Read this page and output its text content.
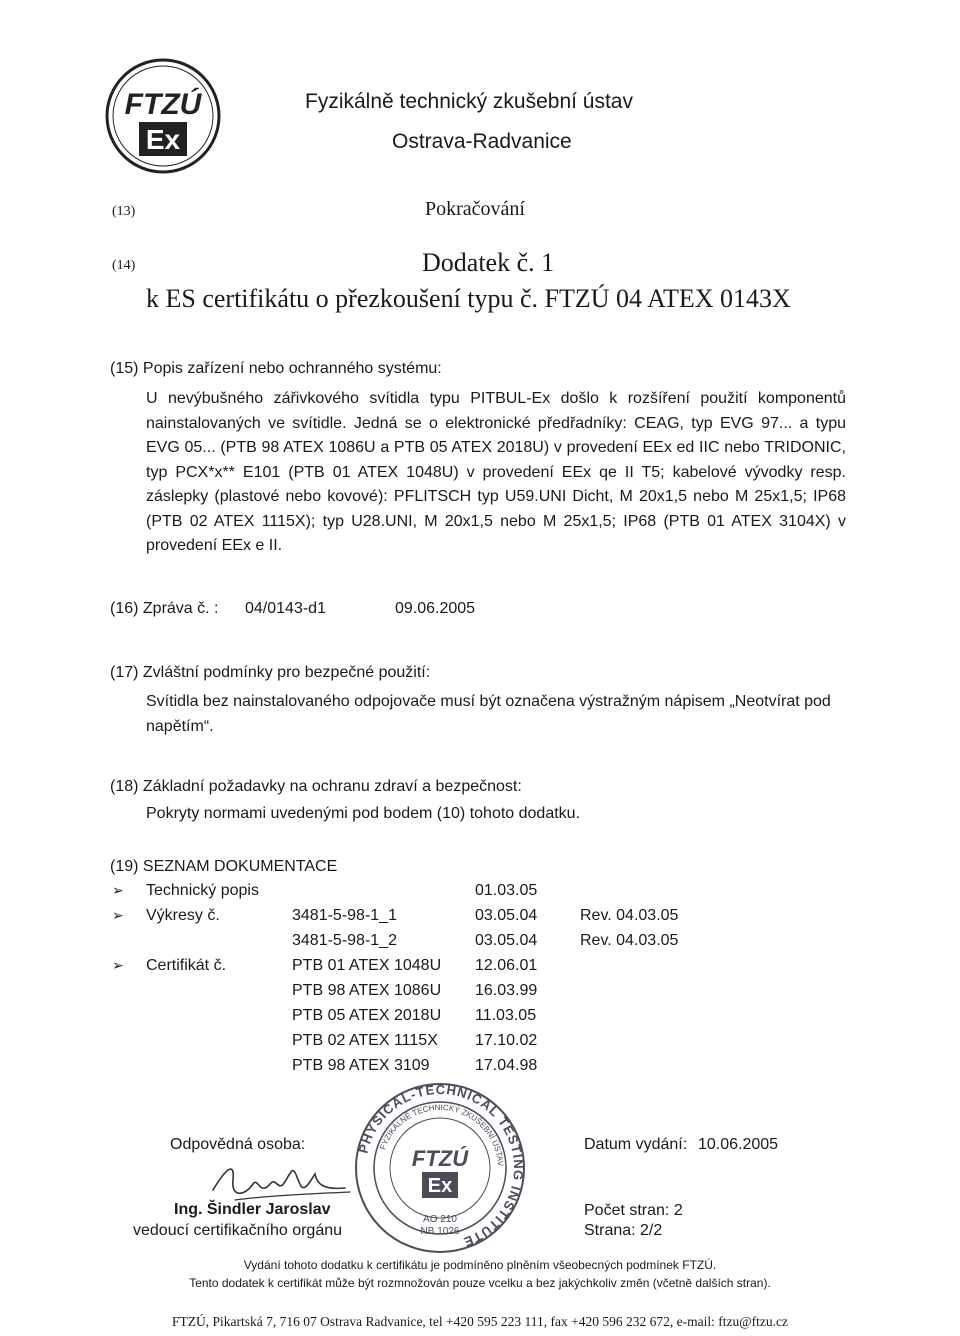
FTZÚ
Ex
Fyzikálně technický zkušební ústav
Ostrava-Radvanice
(13)	Pokračování
(14)	Dodatek č. 1
k ES certifikátu o přezkoušení typu č. FTZÚ 04 ATEX 0143X
(15) Popis zařízení nebo ochranného systému:

U nevýbušného zářivkového svítidla typu PITBUL-Ex došlo k rozšíření použití komponentů nainstalovaných ve svítidle. Jedná se o elektronické předřadníky: CEAG, typ EVG 97... a typu EVG 05... (PTB 98 ATEX 1086U a PTB 05 ATEX 2018U) v provedení EEx ed IIC nebo TRIDONIC, typ PCX*x** E101 (PTB 01 ATEX 1048U) v provedení EEx qe II T5; kabelové vývodky resp. záslepky (plastové nebo kovové): PFLITSCH typ U59.UNI Dicht, M 20x1,5 nebo M 25x1,5; IP68 (PTB 02 ATEX 1115X); typ U28.UNI, M 20x1,5 nebo M 25x1,5; IP68 (PTB 01 ATEX 3104X) v provedení EEx e II.

(16) Zpráva č. : 04/0143-d1	09.06.2005
(17) Zvláštní podmínky pro bezpečné použití:
Svítidla bez nainstalovaného odpojovače musí být označena výstražným nápisem „Neotvírat pod napětím“.
(18) Základní požadavky na ochranu zdraví a bezpečnost:
Pokryty normami uvedenými pod bodem (10) tohoto dodatku.
(19) SEZNAM DOKUMENTACE
➢ Technický popis	01.03.05
➢ Výkresy č.	3481-5-98-1_1	03.05.04	Rev. 04.03.05
3481-5-98-1_2	03.05.04	Rev. 04.03.05
➢ Certifikát č.	PTB 01 ATEX 1048U 12.06.01
PTB 98 ATEX 1086U 16.03.99
PTB 05 ATEX 2018U 11.03.05
PTB 02 ATEX 1115X 17.10.02
PTB 98 ATEX 3109	17.04.98
Odpovědná osoba:
Ing. Šindler Jaroslav
vedoucí certifikačního orgánu
PHYSICAL-TECHNICAL TESTING INSTITUTE
FYZIKÁLNĚ TECHNICKÝ ZKUŠEBNÍ ÚSTAV
FTZÚ
Ex
AO 210
NB 1026
Datum vydání: 10.06.2005
Počet stran: 2
Strana: 2/2
Vydání tohoto dodatku k certifikátu je podmíněno plněním všeobecných podmínek FTZÚ.
Tento dodatek k certifikát může být rozmnožován pouze vcelku a bez jakýchkoliv změn (včetně dalších stran).
FTZÚ, Pikartská 7, 716 07 Ostrava Radvanice, tel +420 595 223 111, fax +420 596 232 672, e-mail: ftzu@ftzu.cz
